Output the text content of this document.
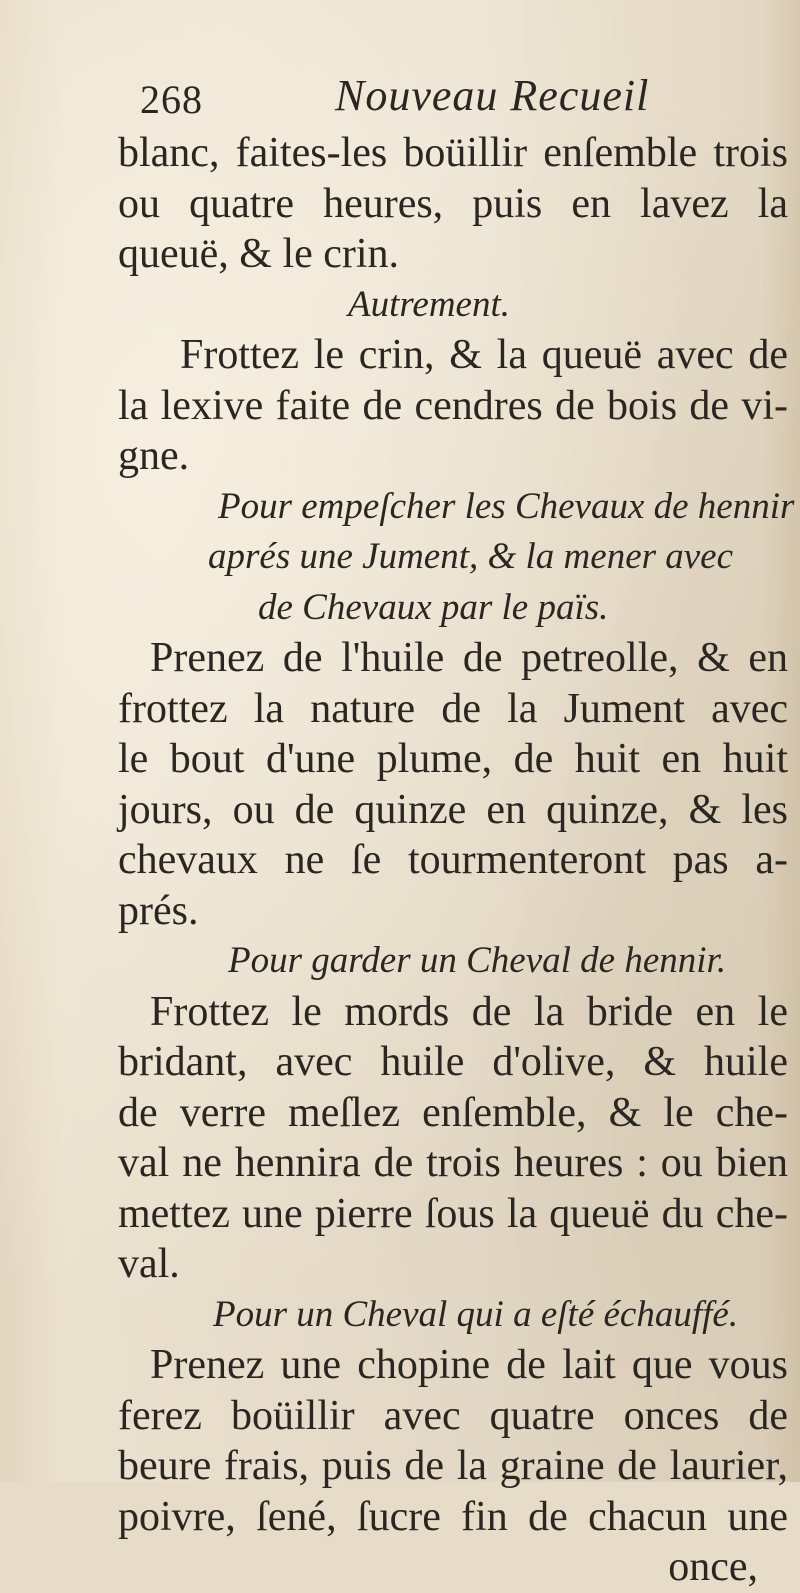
268	Nouveau Recueil
blanc, faites-les boüillir enſemble trois
ou quatre heures, puis en lavez la
queuë, & le crin.
Autrement.
Frottez le crin, & la queuë avec de
la lexive faite de cendres de bois de vi-
gne.
Pour empeſcher les Chevaux de hennir
aprés une Jument, & la mener avec
de Chevaux par le païs.
Prenez de l'huile de petreolle, & en
frottez la nature de la Jument avec
le bout d'une plume, de huit en huit
jours, ou de quinze en quinze, & les
chevaux ne ſe tourmenteront pas a-
prés.
Pour garder un Cheval de hennir.
Frottez le mords de la bride en le
bridant, avec huile d'olive, & huile
de verre meſlez enſemble, & le che-
val ne hennira de trois heures : ou bien
mettez une pierre ſous la queuë du che-
val.
Pour un Cheval qui a eſté échauffé.
Prenez une chopine de lait que vous
ferez boüillir avec quatre onces de
beure frais, puis de la graine de laurier,
poivre, ſené, ſucre fin de chacun une
once,
